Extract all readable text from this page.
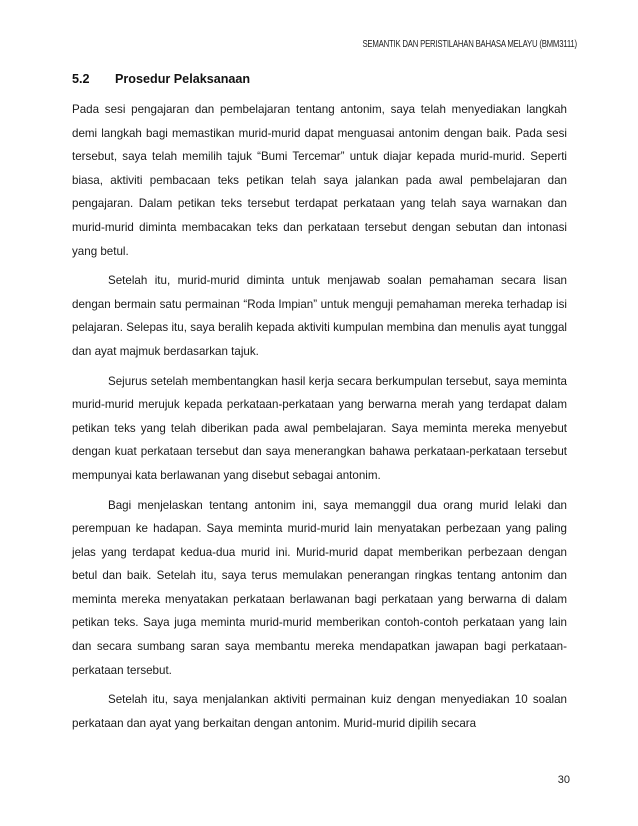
SEMANTIK DAN PERISTILAHAN BAHASA MELAYU (BMM3111)
5.2	Prosedur Pelaksanaan

Pada sesi pengajaran dan pembelajaran tentang antonim, saya telah menyediakan langkah demi langkah bagi memastikan murid-murid dapat menguasai antonim dengan baik. Pada sesi tersebut, saya telah memilih tajuk “Bumi Tercemar” untuk diajar kepada murid-murid. Seperti biasa, aktiviti pembacaan teks petikan telah saya jalankan pada awal pembelajaran dan pengajaran. Dalam petikan teks tersebut terdapat perkataan yang telah saya warnakan dan murid-murid diminta membacakan teks dan perkataan tersebut dengan sebutan dan intonasi yang betul.

Setelah itu, murid-murid diminta untuk menjawab soalan pemahaman secara lisan dengan bermain satu permainan “Roda Impian” untuk menguji pemahaman mereka terhadap isi pelajaran. Selepas itu, saya beralih kepada aktiviti kumpulan membina dan menulis ayat tunggal dan ayat majmuk berdasarkan tajuk.

Sejurus setelah membentangkan hasil kerja secara berkumpulan tersebut, saya meminta murid-murid merujuk kepada perkataan-perkataan yang berwarna merah yang terdapat dalam petikan teks yang telah diberikan pada awal pembelajaran. Saya meminta mereka menyebut dengan kuat perkataan tersebut dan saya menerangkan bahawa perkataan-perkataan tersebut mempunyai kata berlawanan yang disebut sebagai antonim.

Bagi menjelaskan tentang antonim ini, saya memanggil dua orang murid lelaki dan perempuan ke hadapan. Saya meminta murid-murid lain menyatakan perbezaan yang paling jelas yang terdapat kedua-dua murid ini. Murid-murid dapat memberikan perbezaan dengan betul dan baik. Setelah itu, saya terus memulakan penerangan ringkas tentang antonim dan meminta mereka menyatakan perkataan berlawanan bagi perkataan yang berwarna di dalam petikan teks. Saya juga meminta murid-murid memberikan contoh-contoh perkataan yang lain dan secara sumbang saran saya membantu mereka mendapatkan jawapan bagi perkataan-perkataan tersebut.

Setelah itu, saya menjalankan aktiviti permainan kuiz dengan menyediakan 10 soalan perkataan dan ayat yang berkaitan dengan antonim. Murid-murid dipilih secara

30
